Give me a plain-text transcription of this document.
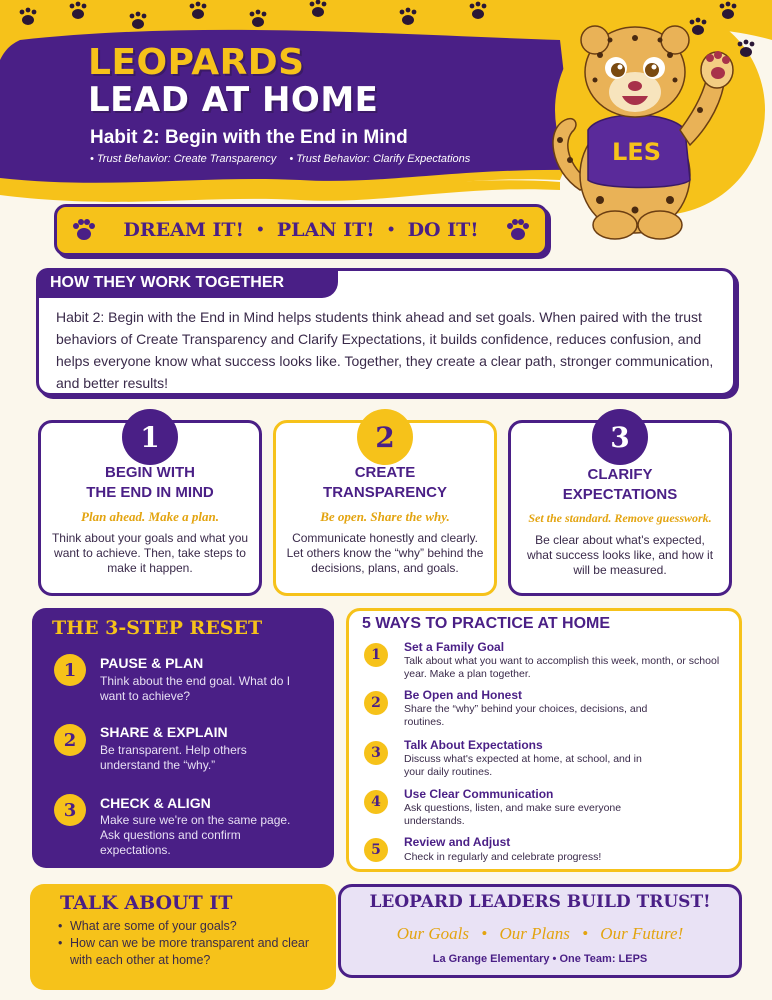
LEOPARDS
LEAD AT HOME
Habit 2: Begin with the End in Mind
• Trust Behavior: Create Transparency • Trust Behavior: Clarify Expectations	LES
DREAM IT! • PLAN IT! • DO IT!
HOW THEY WORK TOGETHER
Habit 2: Begin with the End in Mind helps students think ahead and set goals. When paired with the trust behaviors of Create Transparency and Clarify Expectations, it builds confidence, reduces confusion, and helps everyone know what success looks like. Together, they create a clear path, stronger communication, and better results!
1
BEGIN WITH
THE END IN MIND
Plan ahead. Make a plan.
Think about your goals and what you want to achieve. Then, take steps to make it happen.
2
CREATE
TRANSPARENCY
Be open. Share the why.
Communicate honestly and clearly. Let others know the “why” behind the decisions, plans, and goals.
3
CLARIFY
EXPECTATIONS
Set the standard. Remove guesswork.
Be clear about what's expected, what success looks like, and how it will be measured.
THE 3-STEP RESET
1	PAUSE & PLAN
Think about the end goal. What do I want to achieve?
2	SHARE & EXPLAIN
Be transparent. Help others understand the “why.”
3	CHECK & ALIGN
Make sure we're on the same page. Ask questions and confirm expectations.
5 WAYS TO PRACTICE AT HOME
1	Set a Family Goal
Talk about what you want to accomplish this week, month, or school year. Make a plan together.
2	Be Open and Honest
Share the “why” behind your choices, decisions, and routines.
3	Talk About Expectations
Discuss what's expected at home, at school, and in your daily routines.
4	Use Clear Communication
Ask questions, listen, and make sure everyone understands.
5	Review and Adjust
Check in regularly and celebrate progress!
TALK ABOUT IT
• What are some of your goals?
• How can we be more transparent and clear with each other at home?
LEOPARD LEADERS BUILD TRUST!
Our Goals • Our Plans • Our Future!
La Grange Elementary • One Team: LEPS
